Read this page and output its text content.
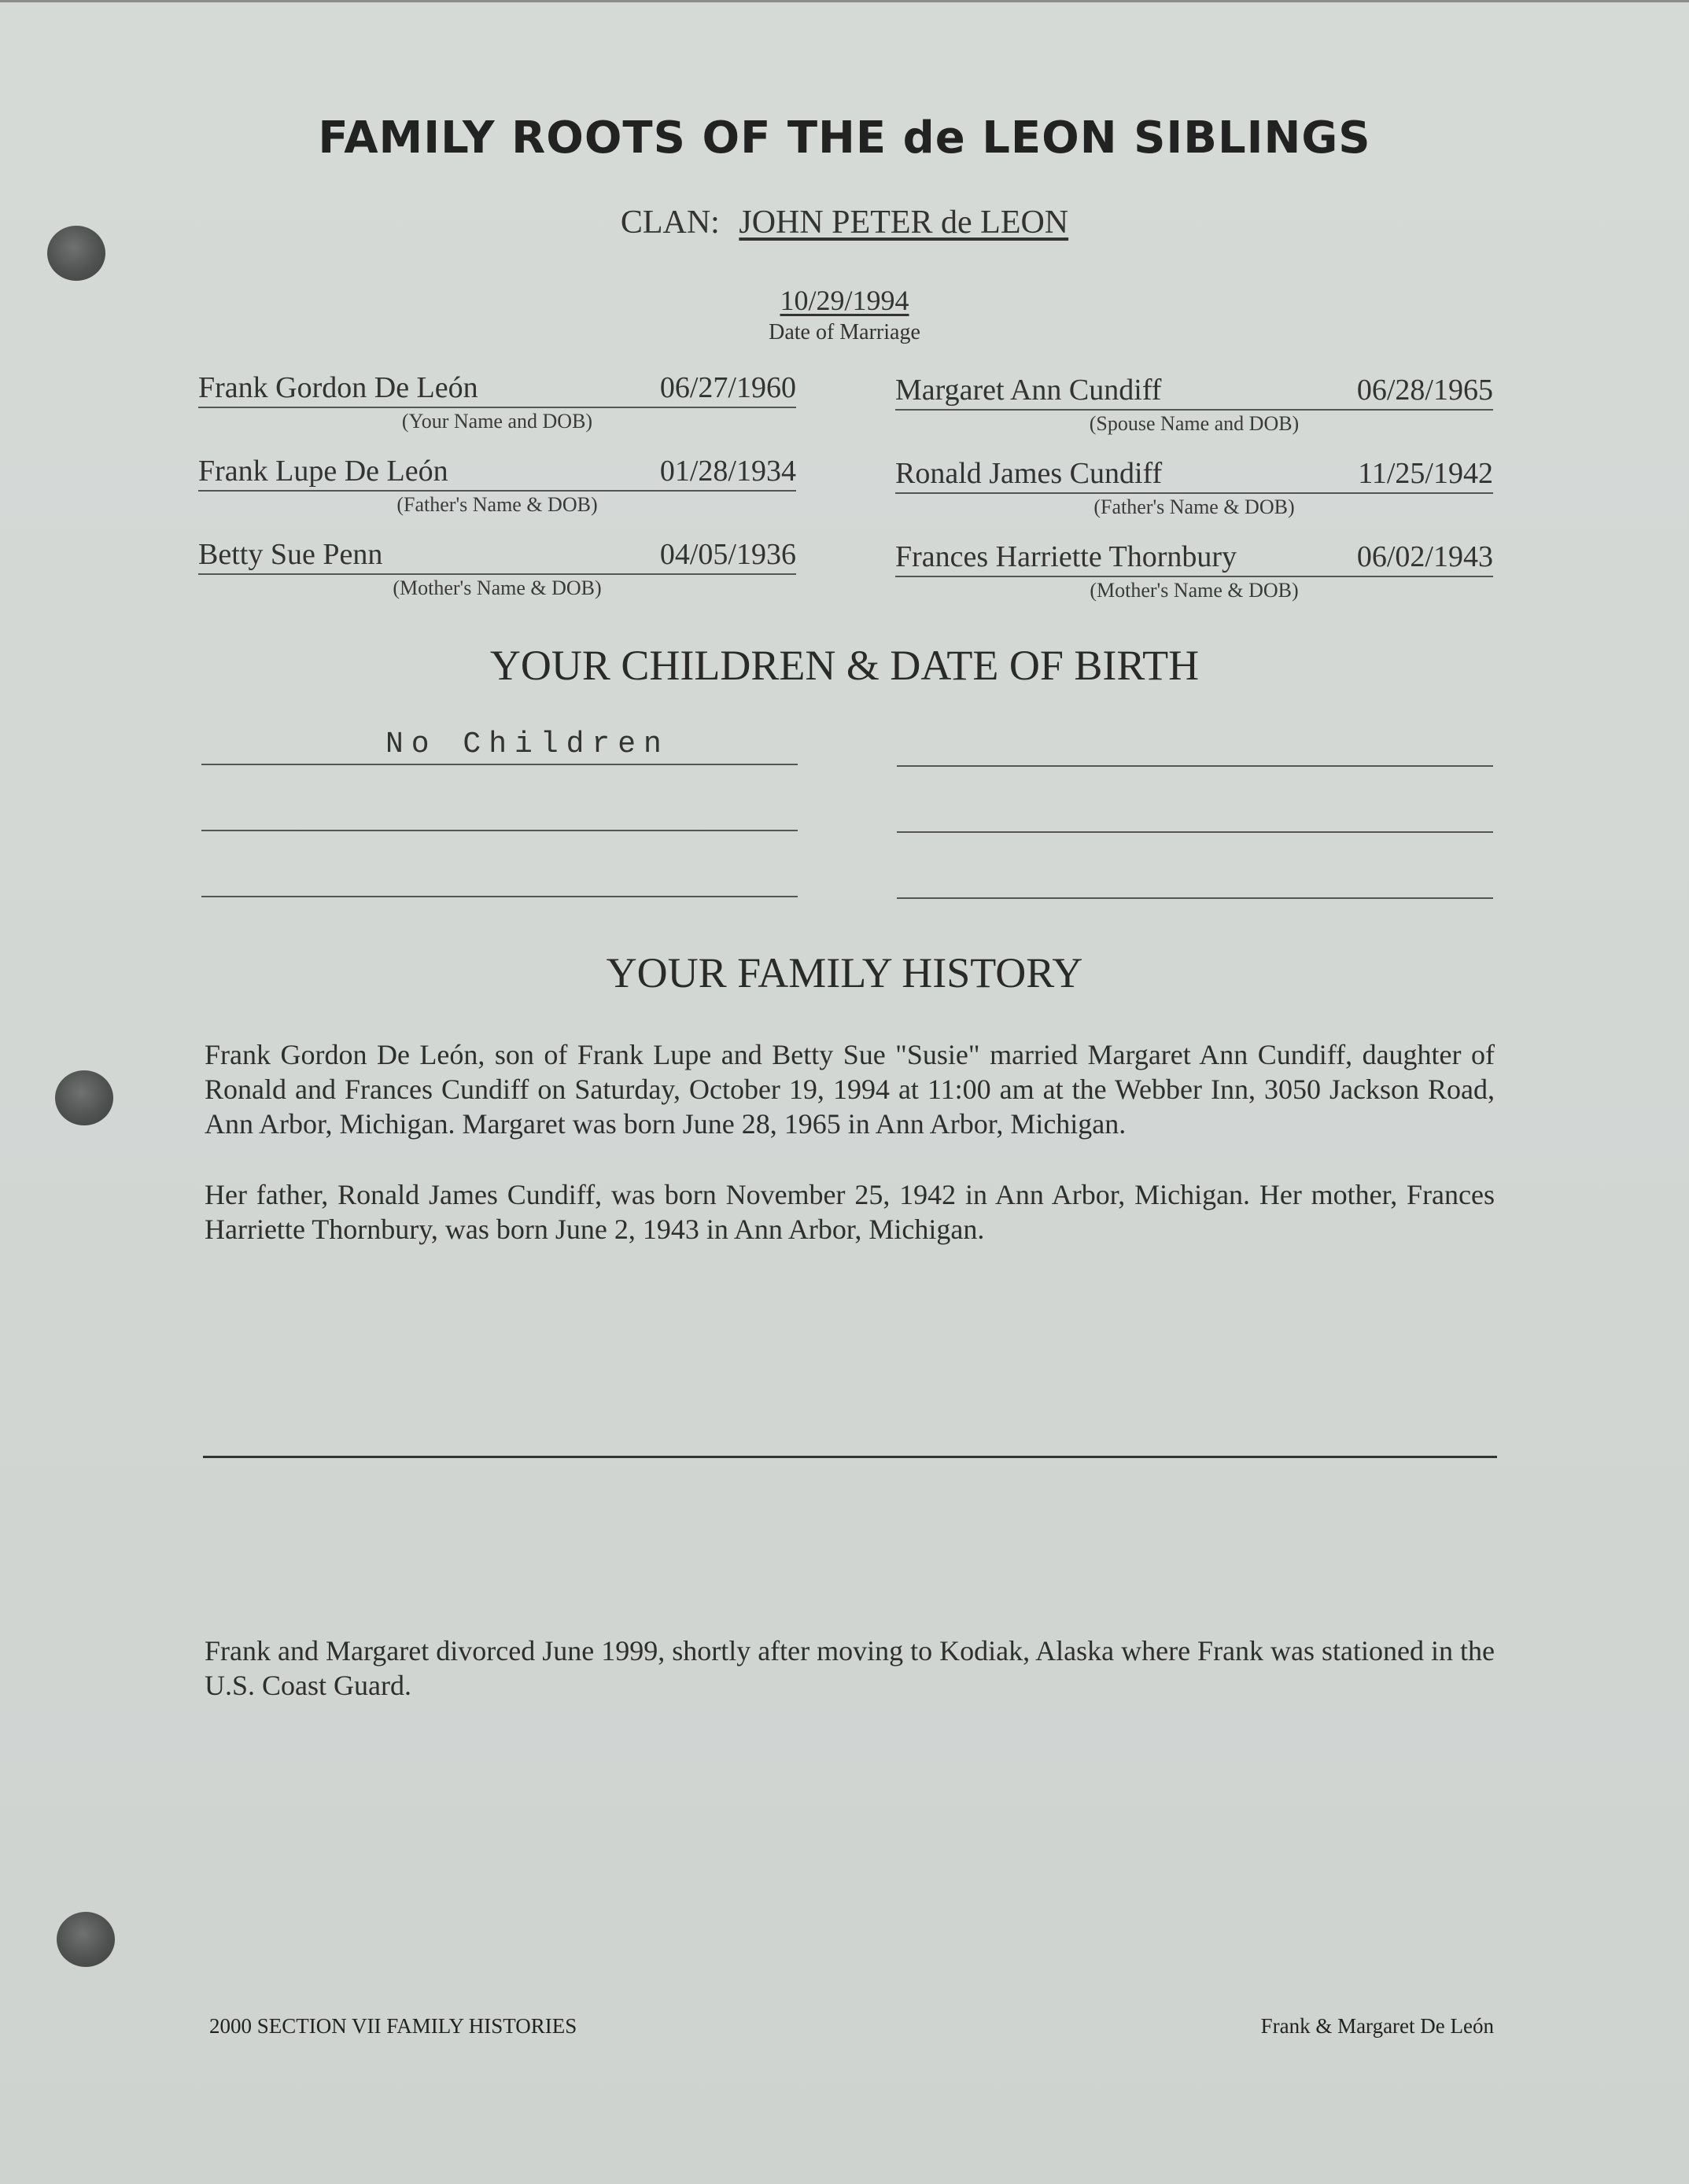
FAMILY ROOTS OF THE de LEON SIBLINGS
CLAN: JOHN PETER de LEON
10/29/1994
Date of Marriage
Frank Gordon De León	06/27/1960
(Your Name and DOB)
Frank Lupe De León	01/28/1934
(Father's Name & DOB)
Betty Sue Penn	04/05/1936
(Mother's Name & DOB)
Margaret Ann Cundiff	06/28/1965
(Spouse Name and DOB)
Ronald James Cundiff	11/25/1942
(Father's Name & DOB)
Frances Harriette Thornbury	06/02/1943
(Mother's Name & DOB)
YOUR CHILDREN & DATE OF BIRTH
No Children
YOUR FAMILY HISTORY
Frank Gordon De León, son of Frank Lupe and Betty Sue "Susie" married Margaret Ann Cundiff, daughter of Ronald and Frances Cundiff on Saturday, October 19, 1994 at 11:00 am at the Webber Inn, 3050 Jackson Road, Ann Arbor, Michigan. Margaret was born June 28, 1965 in Ann Arbor, Michigan.
Her father, Ronald James Cundiff, was born November 25, 1942 in Ann Arbor, Michigan. Her mother, Frances Harriette Thornbury, was born June 2, 1943 in Ann Arbor, Michigan.
Frank and Margaret divorced June 1999, shortly after moving to Kodiak, Alaska where Frank was stationed in the U.S. Coast Guard.
2000 SECTION VII FAMILY HISTORIES	Frank & Margaret De León
